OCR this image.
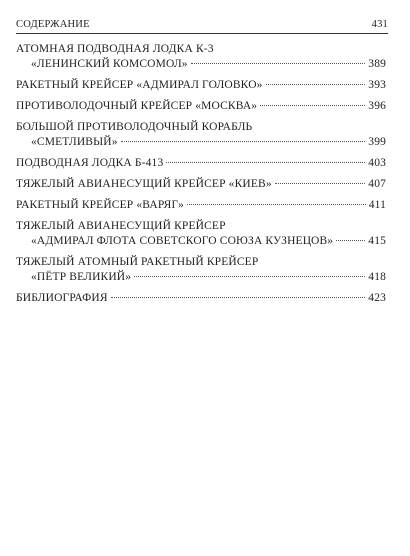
СОДЕРЖАНИЕ	431
АТОМНАЯ ПОДВОДНАЯ ЛОДКА К-3
«ЛЕНИНСКИЙ КОМСОМОЛ»	389
РАКЕТНЫЙ КРЕЙСЕР «АДМИРАЛ ГОЛОВКО»	393
ПРОТИВОЛОДОЧНЫЙ КРЕЙСЕР «МОСКВА»	396
БОЛЬШОЙ ПРОТИВОЛОДОЧНЫЙ КОРАБЛЬ
«СМЕТЛИВЫЙ»	399
ПОДВОДНАЯ ЛОДКА Б-413	403
ТЯЖЕЛЫЙ АВИАНЕСУЩИЙ КРЕЙСЕР «КИЕВ»	407
РАКЕТНЫЙ КРЕЙСЕР «ВАРЯГ»	411
ТЯЖЕЛЫЙ АВИАНЕСУЩИЙ КРЕЙСЕР
«АДМИРАЛ ФЛОТА СОВЕТСКОГО СОЮЗА КУЗНЕЦОВ»	415
ТЯЖЕЛЫЙ АТОМНЫЙ РАКЕТНЫЙ КРЕЙСЕР
«ПЁТР ВЕЛИКИЙ»	418
БИБЛИОГРАФИЯ	423
